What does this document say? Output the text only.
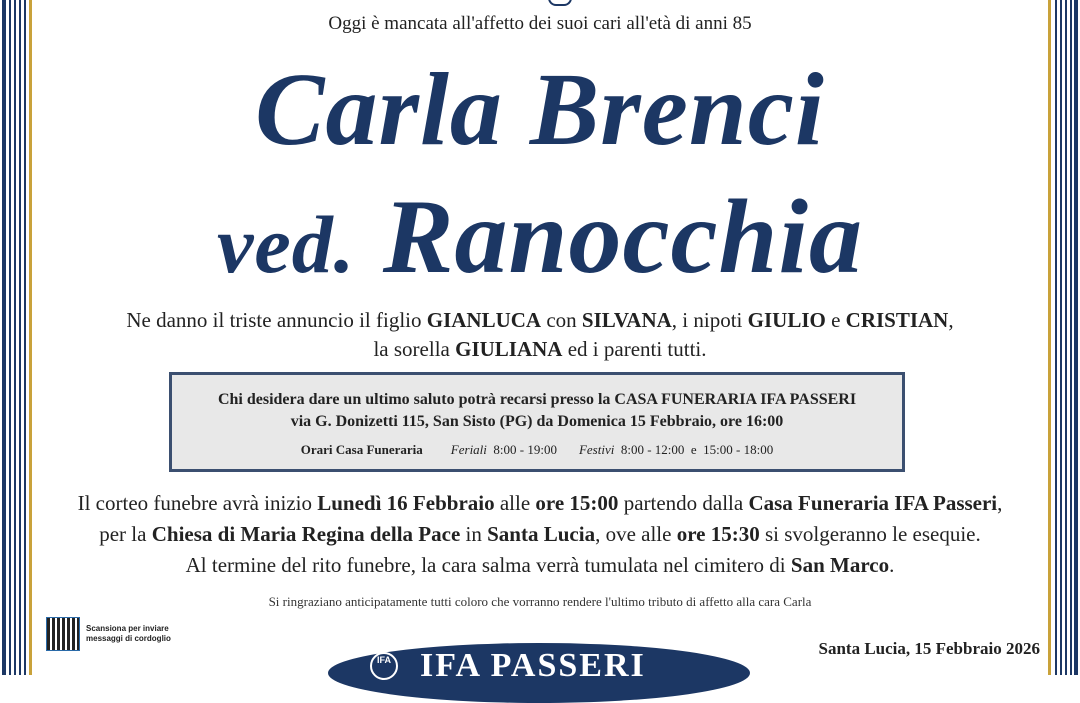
Oggi è mancata all'affetto dei suoi cari all'età di anni 85
Carla Brenci
ved. Ranocchia
Ne danno il triste annuncio il figlio GIANLUCA con SILVANA, i nipoti GIULIO e CRISTIAN,
la sorella GIULIANA ed i parenti tutti.
Chi desidera dare un ultimo saluto potrà recarsi presso la CASA FUNERARIA IFA PASSERI
via G. Donizetti 115, San Sisto (PG) da Domenica 15 Febbraio, ore 16:00
Orari Casa Funeraria Feriali 8:00 - 19:00 Festivi 8:00 - 12:00  e  15:00 - 18:00
Il corteo funebre avrà inizio Lunedì 16 Febbraio alle ore 15:00 partendo dalla Casa Funeraria IFA Passeri,
per la Chiesa di Maria Regina della Pace in Santa Lucia, ove alle ore 15:30 si svolgeranno le esequie.
Al termine del rito funebre, la cara salma verrà tumulata nel cimitero di San Marco.
Si ringraziano anticipatamente tutti coloro che vorranno rendere l'ultimo tributo di affetto alla cara Carla
Scansiona per inviare
messaggi di cordoglio
IFA IFA PASSERI	Santa Lucia, 15 Febbraio 2026
